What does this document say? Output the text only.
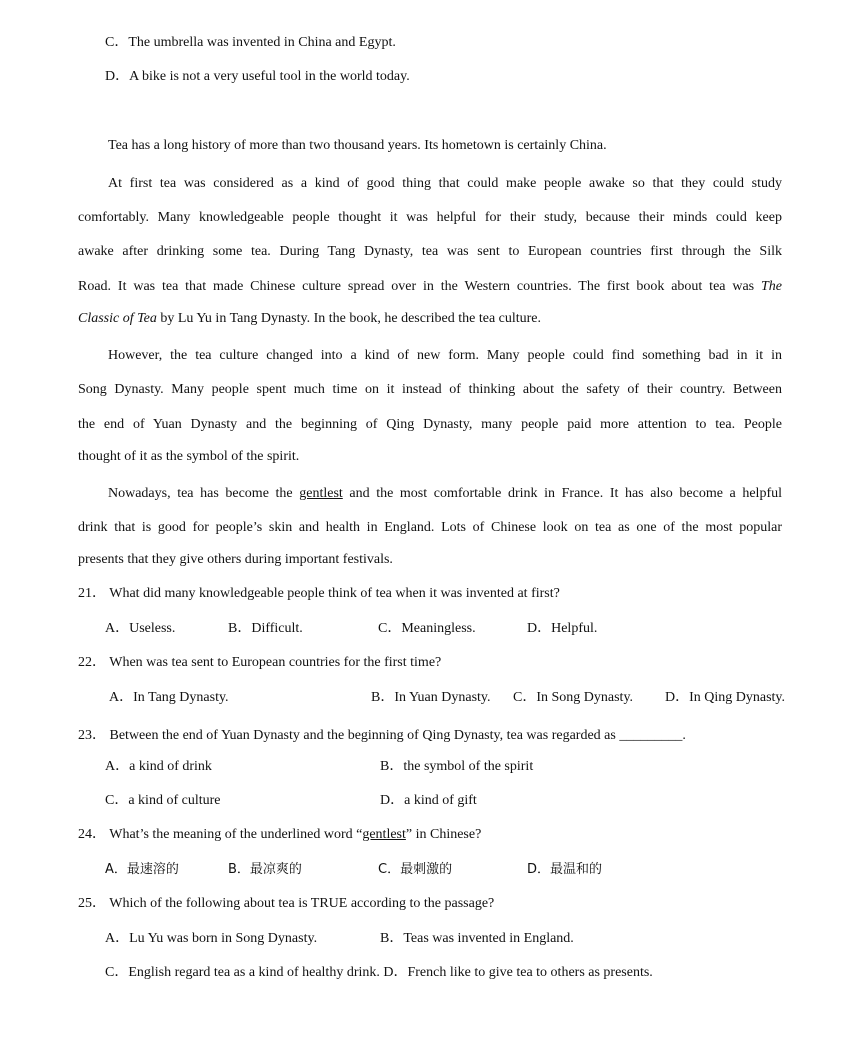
C．The umbrella was invented in China and Egypt.
D．A bike is not a very useful tool in the world today.
Tea has a long history of more than two thousand years. Its hometown is certainly China.
At first tea was considered as a kind of good thing that could make people awake so that they could study
comfortably. Many knowledgeable people thought it was helpful for their study, because their minds could keep
awake after drinking some tea. During Tang Dynasty, tea was sent to European countries first through the Silk
Road. It was tea that made Chinese culture spread over in the Western countries. The first book about tea was The
Classic of Tea by Lu Yu in Tang Dynasty. In the book, he described the tea culture.
However, the tea culture changed into a kind of new form. Many people could find something bad in it in
Song Dynasty. Many people spent much time on it instead of thinking about the safety of their country. Between
the end of Yuan Dynasty and the beginning of Qing Dynasty, many people paid more attention to tea. People
thought of it as the symbol of the spirit.
Nowadays, tea has become the gentlest and the most comfortable drink in France. It has also become a helpful
drink that is good for people’s skin and health in England. Lots of Chinese look on tea as one of the most popular
presents that they give others during important festivals.
21． What did many knowledgeable people think of tea when it was invented at first?
A．Useless.	B．Difficult.	C．Meaningless.	D．Helpful.
22． When was tea sent to European countries for the first time?
A．In Tang Dynasty.	B．In Yuan Dynasty. C．In Song Dynasty. D．In Qing Dynasty.
23． Between the end of Yuan Dynasty and the beginning of Qing Dynasty, tea was regarded as _________.
A．a kind of drink	B．the symbol of the spirit
C．a kind of culture	D．a kind of gift
24． What’s the meaning of the underlined word “gentlest” in Chinese?
A．最速溶的	B．最凉爽的	C．最刺激的	D．最温和的
25． Which of the following about tea is TRUE according to the passage?
A．Lu Yu was born in Song Dynasty.	B．Teas was invented in England.
C．English regard tea as a kind of healthy drink. D．French like to give tea to others as presents.
